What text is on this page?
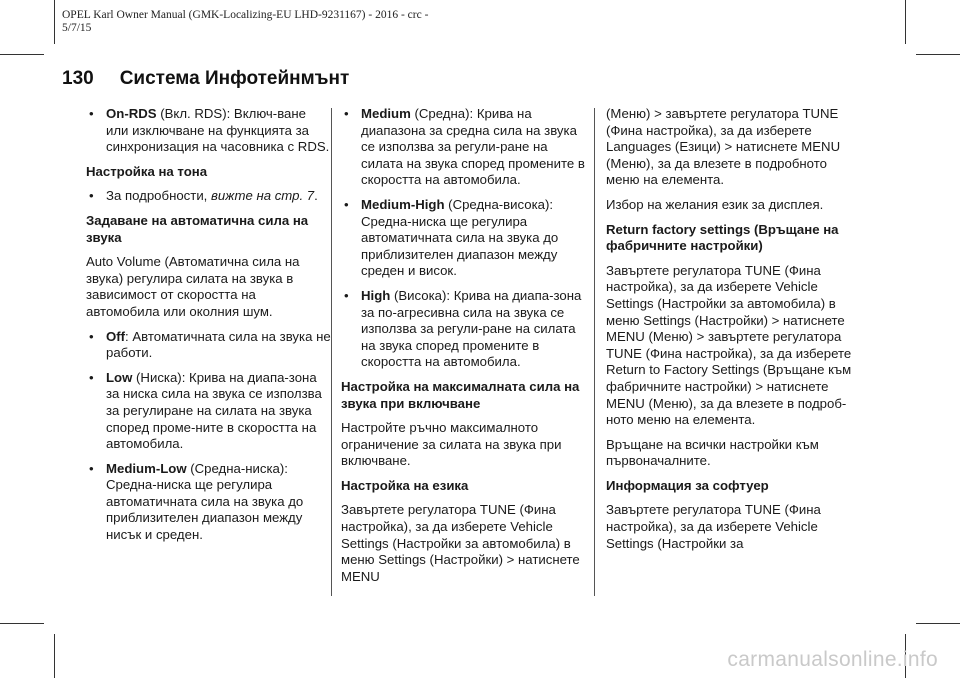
OPEL Karl Owner Manual (GMK-Localizing-EU LHD-9231167) - 2016 - crc -
5/7/15
130 Система Инфотейнмънт
• On-RDS (Вкл. RDS): Включ-ване или изключване на функцията за синхронизация на часовника с RDS.
Настройка на тона
• За подробности, вижте на стр. 7.
Задаване на автоматична сила на звука

Auto Volume (Автоматична сила на звука) регулира силата на звука в зависимост от скоростта на автомобила или околния шум.

• Off: Автоматичната сила на звука не работи.
• Low (Ниска): Крива на диапа-зона за ниска сила на звука се използва за регулиране на силата на звука според проме-ните в скоростта на автомобила.
• Medium-Low (Средна-ниска): Средна-ниска ще регулира автоматичната сила на звука до приблизителен диапазон между нисък и среден.
• Medium (Средна): Крива на диапазона за средна сила на звука се използва за регули-ране на силата на звука според промените в скоростта на автомобила.
• Medium-High (Средна-висока): Средна-ниска ще регулира автоматичната сила на звука до приблизителен диапазон между среден и висок.
• High (Висока): Крива на диапа-зона за по-агресивна сила на звука се използва за регули-ране на силата на звука според промените в скоростта на автомобила.
Настройка на максималната сила на звука при включване

Настройте ръчно максималното ограничение за силата на звука при включване.

Настройка на езика

Завъртете регулатора TUNE (Фина настройка), за да изберете Vehicle Settings (Настройки за автомобила) в меню Settings (Настройки) > натиснете MENU

(Меню) > завъртете регулатора TUNE (Фина настройка), за да изберете Languages (Езици) > натиснете MENU (Меню), за да влезете в подробното меню на елемента.

Избор на желания език за дисплея.

Return factory settings (Връщане на фабричните настройки)

Завъртете регулатора TUNE (Фина настройка), за да изберете Vehicle Settings (Настройки за автомобила) в меню Settings (Настройки) > натиснете MENU (Меню) > завъртете регулатора TUNE (Фина настройка), за да изберете Return to Factory Settings (Връщане към фабричните настройки) > натиснете MENU (Меню), за да влезете в подроб-ното меню на елемента.

Връщане на всички настройки към първоначалните.

Информация за софтуер

Завъртете регулатора TUNE (Фина настройка), за да изберете Vehicle Settings (Настройки за

carmanualsonline.info
